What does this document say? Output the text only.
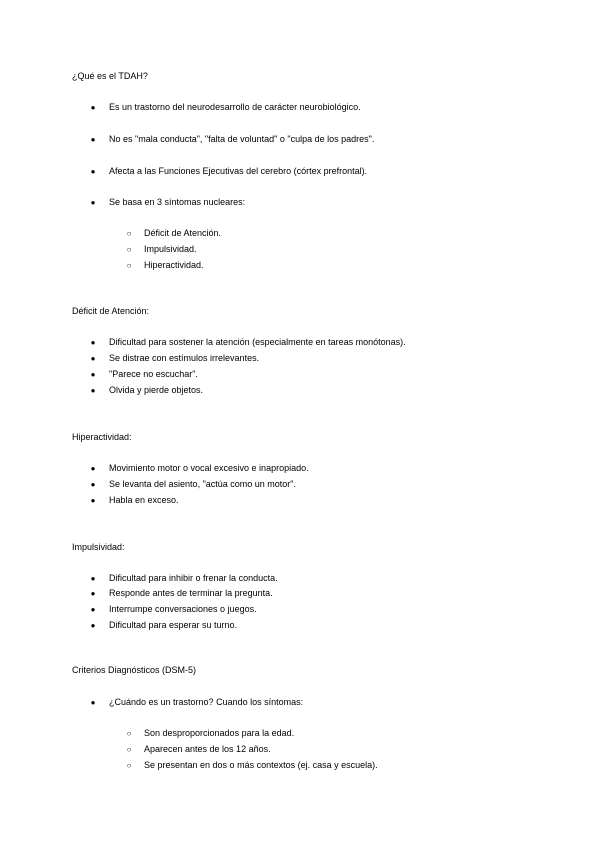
¿Qué es el TDAH?
● Es un trastorno del neurodesarrollo de carácter neurobiológico.
● No es "mala conducta", "falta de voluntad" o "culpa de los padres".
● Afecta a las Funciones Ejecutivas del cerebro (córtex prefrontal).
● Se basa en 3 síntomas nucleares:
○ Déficit de Atención.
○ Impulsividad.
○ Hiperactividad.
Déficit de Atención:
● Dificultad para sostener la atención (especialmente en tareas monótonas).
● Se distrae con estímulos irrelevantes.
● "Parece no escuchar".
● Olvida y pierde objetos.
Hiperactividad:
● Movimiento motor o vocal excesivo e inapropiado.
● Se levanta del asiento, "actúa como un motor".
● Habla en exceso.
Impulsividad:
● Dificultad para inhibir o frenar la conducta.
● Responde antes de terminar la pregunta.
● Interrumpe conversaciones o juegos.
● Dificultad para esperar su turno.
Criterios Diagnósticos (DSM-5)
● ¿Cuándo es un trastorno? Cuando los síntomas:
○ Son desproporcionados para la edad.
○ Aparecen antes de los 12 años.
○ Se presentan en dos o más contextos (ej. casa y escuela).
